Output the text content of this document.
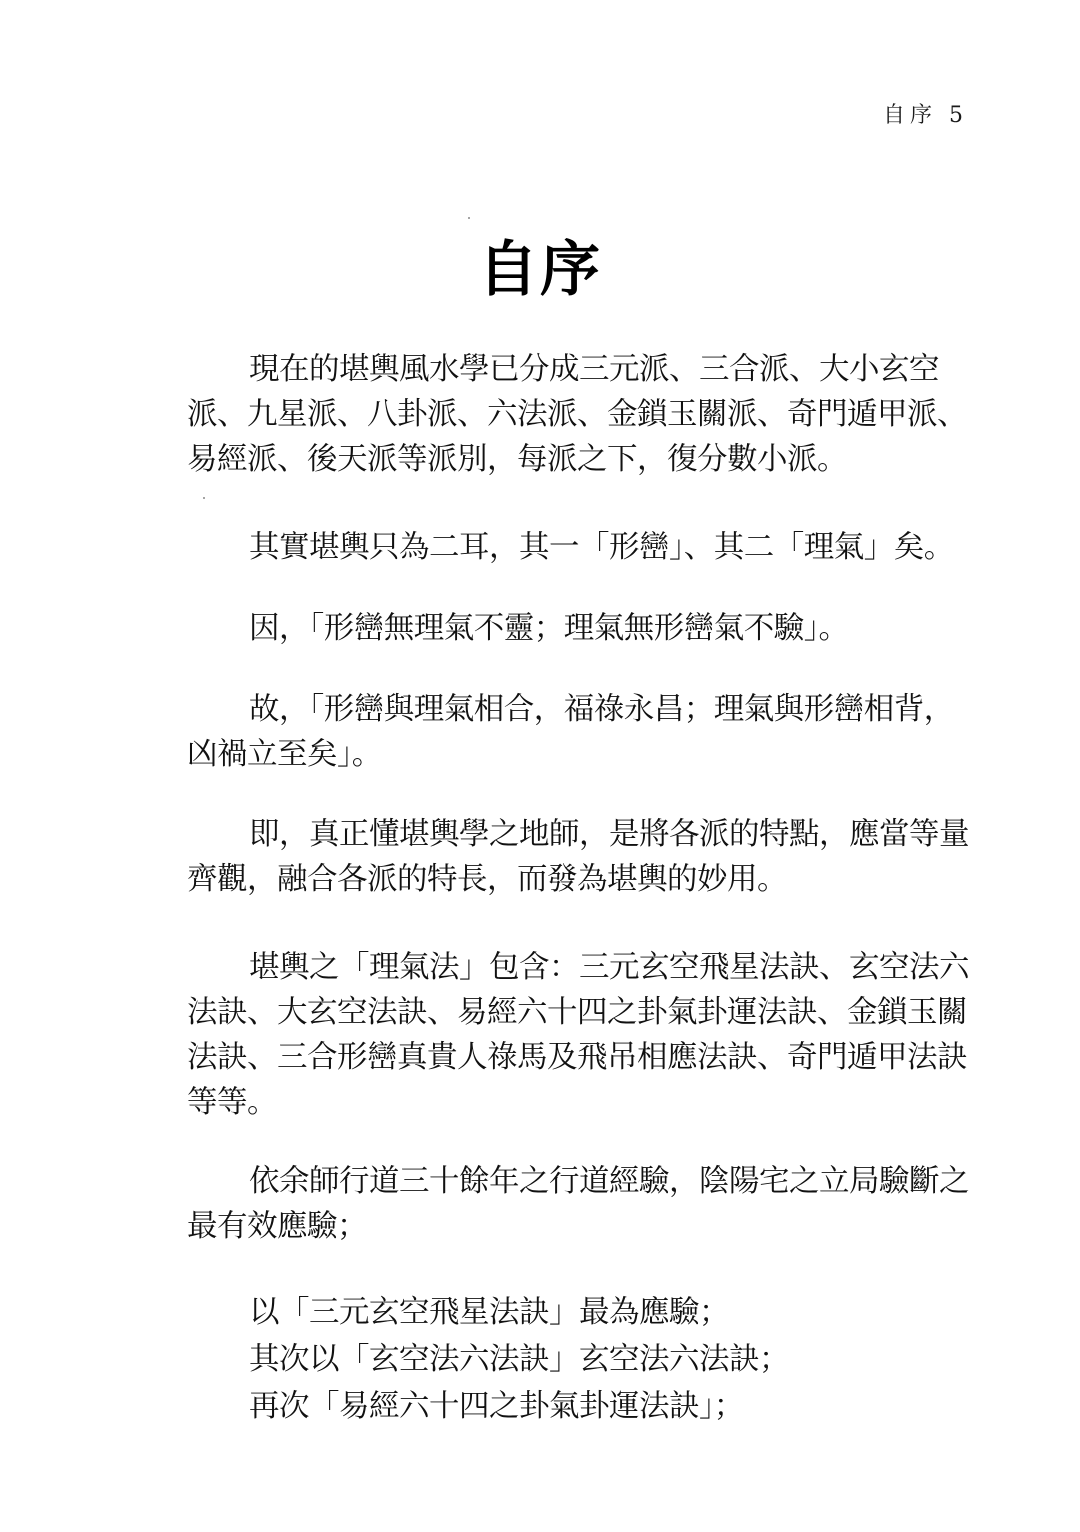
自序 5
自序

現在的堪輿風水學已分成三元派、三合派、大小玄空派、九星派、八卦派、六法派、金鎖玉關派、奇門遁甲派、易經派、後天派等派別，每派之下，復分數小派。

其實堪輿只為二耳，其一「形巒」、其二「理氣」矣。

因，「形巒無理氣不靈；理氣無形巒氣不驗」。

故，「形巒與理氣相合，福祿永昌；理氣與形巒相背，凶禍立至矣」。

即，真正懂堪輿學之地師，是將各派的特點，應當等量齊觀，融合各派的特長，而發為堪輿的妙用。

堪輿之「理氣法」包含：三元玄空飛星法訣、玄空法六法訣、大玄空法訣、易經六十四之卦氣卦運法訣、金鎖玉關法訣、三合形巒真貴人祿馬及飛吊相應法訣、奇門遁甲法訣等等。

依余師行道三十餘年之行道經驗，陰陽宅之立局驗斷之最有效應驗；

以「三元玄空飛星法訣」最為應驗；

其次以「玄空法六法訣」玄空法六法訣；

再次「易經六十四之卦氣卦運法訣」；
